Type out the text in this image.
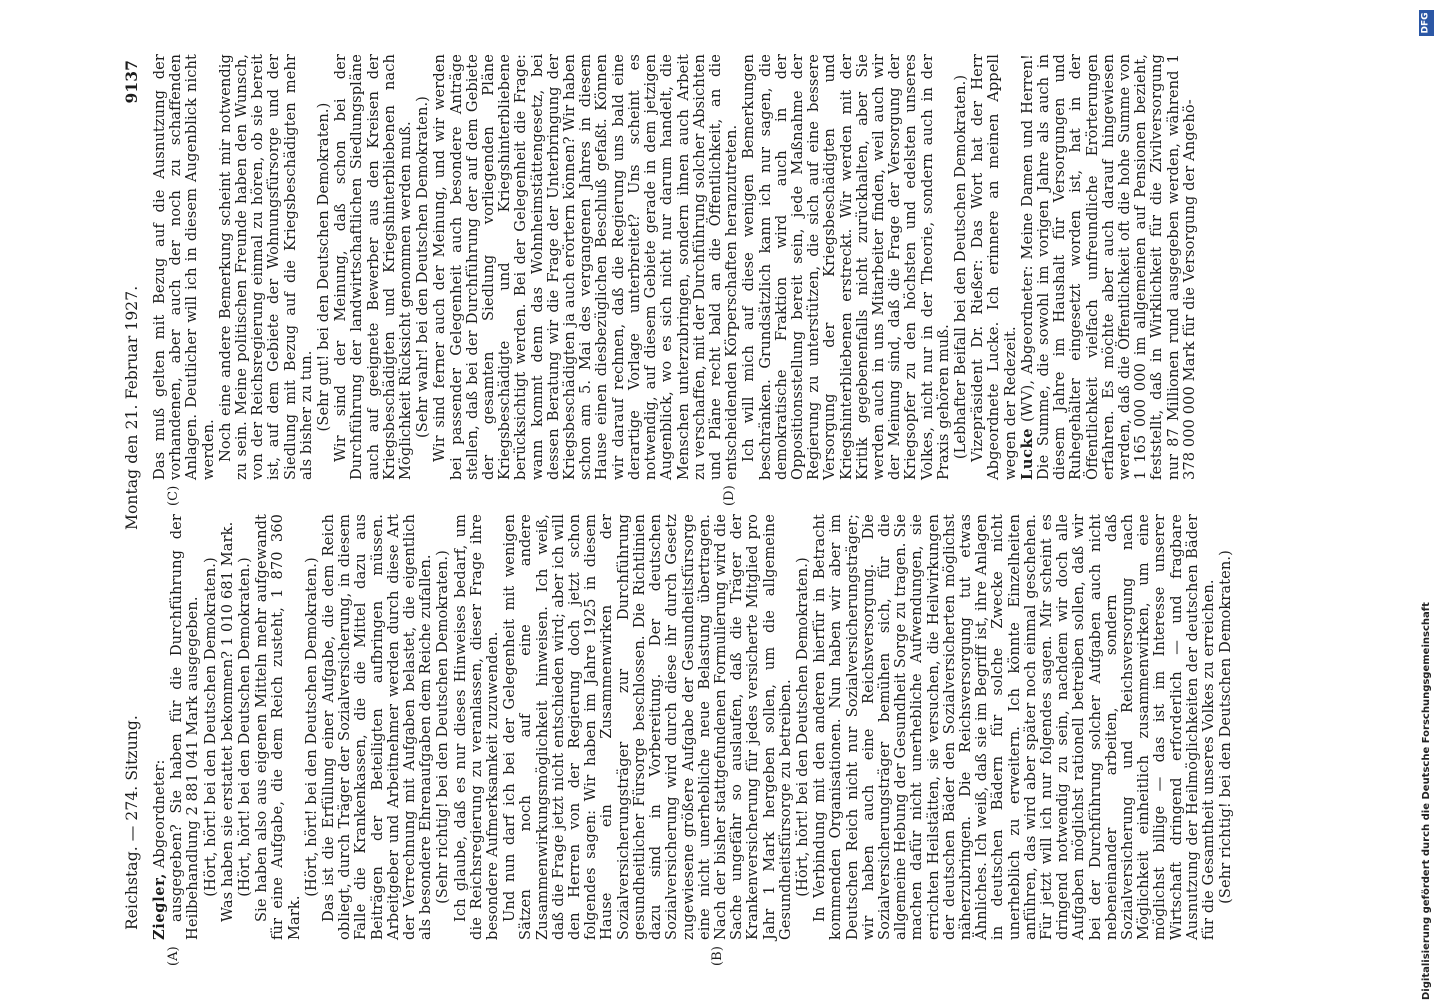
Reichstag. — 274. Sitzung.
Montag den 21. Februar 1927.
9137
(A)	(B)
(C)	(D)

Ziegler, Abgeordneter: ausgegeben? Sie haben für die Durchführung der Heilbehandlung 2 881 041 Mark ausgegeben. (Hört, hört! bei den Deutschen Demokraten.) Was haben sie erstattet bekommen? 1 010 681 Mark. (Hört, hört! bei den Deutschen Demokraten.) Sie haben also aus eigenen Mitteln mehr aufgewandt für eine Aufgabe, die dem Reich zusteht, 1 870 360 Mark.

(Hört, hört! bei den Deutschen Demokraten.) Das ist die Erfüllung einer Aufgabe, die dem Reich obliegt, durch Träger der Sozialversicherung, in diesem Falle die Krankenkassen, die die Mittel dazu aus Beiträgen der Beteiligten aufbringen müssen. Arbeitgeber und Arbeitnehmer werden durch diese Art der Verrechnung mit Aufgaben belastet, die eigentlich als besondere Ehrenaufgaben dem Reiche zufallen. (Sehr richtig! bei den Deutschen Demokraten.) Ich glaube, daß es nur dieses Hinweises bedarf, um die Reichsregierung zu veranlassen, dieser Frage ihre besondere Aufmerksamkeit zuzuwenden. Und nun darf ich bei der Gelegenheit mit wenigen Sätzen noch auf eine andere Zusammenwirkungsmöglichkeit hinweisen. Ich weiß, daß die Frage jetzt nicht entschieden wird; aber ich will den Herren von der Regierung doch jetzt schon folgendes sagen: Wir haben im Jahre 1925 in diesem Hause ein Zusammenwirken der Sozialversicherungsträger zur Durchführung gesundheitlicher Fürsorge beschlossen. Die Richtlinien dazu sind in Vorbereitung. Der deutschen Sozialversicherung wird durch diese ihr durch Gesetz zugewiesene größere Aufgabe der Gesundheitsfürsorge eine nicht unerhebliche neue Belastung übertragen. Nach der bisher stattgefundenen Formulierung wird die Sache ungefähr so auslaufen, daß die Träger der Krankenversicherung für jedes versicherte Mitglied pro Jahr 1 Mark hergeben sollen, um die allgemeine Gesundheitsfürsorge zu betreiben. (Hört, hört! bei den Deutschen Demokraten.) In Verbindung mit den anderen hierfür in Betracht kommenden Organisationen. Nun haben wir aber im Deutschen Reich nicht nur Sozialversicherungsträger; wir haben auch eine Reichsversorgung. Die Sozialversicherungsträger bemühen sich, für die allgemeine Hebung der Gesundheit Sorge zu tragen. Sie machen dafür nicht unerhebliche Aufwendungen, sie errichten Heilstätten, sie versuchen, die Heilwirkungen der deutschen Bäder den Sozialversicherten möglichst näherzubringen. Die Reichsversorgung tut etwas Ähnliches. Ich weiß, daß sie im Begriff ist, ihre Anlagen in deutschen Bädern für solche Zwecke nicht unerheblich zu erweitern. Ich könnte Einzelheiten anführen, das wird aber später noch einmal geschehen. Für jetzt will ich nur folgendes sagen. Mir scheint es dringend notwendig zu sein, nachdem wir doch alle Aufgaben möglichst rationell betreiben sollen, daß wir bei der Durchführung solcher Aufgaben auch nicht nebeneinander arbeiten, sondern daß Sozialversicherung und Reichsversorgung nach Möglichkeit einheitlich zusammenwirken, um eine möglichst billige — das ist im Interesse unserer Wirtschaft dringend erforderlich — und fragbare Ausnutzung der Heilmöglichkeiten der deutschen Bäder für die Gesamtheit unseres Volkes zu erreichen. (Sehr richtig! bei den Deutschen Demokraten.)

Das muß gelten mit Bezug auf die Ausnutzung der vorhandenen, aber auch der noch zu schaffenden Anlagen. Deutlicher will ich in diesem Augenblick nicht werden. Noch eine andere Bemerkung scheint mir notwendig zu sein. Meine politischen Freunde haben den Wunsch, von der Reichsregierung einmal zu hören, ob sie bereit ist, auf dem Gebiete der Wohnungsfürsorge und der Siedlung mit Bezug auf die Kriegsbeschädigten mehr als bisher zu tun. (Sehr gut! bei den Deutschen Demokraten.) Wir sind der Meinung, daß schon bei der Durchführung der landwirtschaftlichen Siedlungspläne auch auf geeignete Bewerber aus den Kreisen der Kriegsbeschädigten und Kriegshinterbliebenen nach Möglichkeit Rücksicht genommen werden muß. (Sehr wahr! bei den Deutschen Demokraten.) Wir sind ferner auch der Meinung, und wir werden bei passender Gelegenheit auch besondere Anträge stellen, daß bei der Durchführung der auf dem Gebiete der gesamten Siedlung vorliegenden Pläne Kriegsbeschädigte und Kriegshinterbliebene berücksichtigt werden. Bei der Gelegenheit die Frage: wann kommt denn das Wohnheimstättengesetz, bei dessen Beratung wir die Frage der Unterbringung der Kriegsbeschädigten ja auch erörtern können? Wir haben schon am 5. Mai des vergangenen Jahres in diesem Hause einen diesbezüglichen Beschluß gefaßt. Können wir darauf rechnen, daß die Regierung uns bald eine derartige Vorlage unterbreitet? Uns scheint es notwendig, auf diesem Gebiete gerade in dem jetzigen Augenblick, wo es sich nicht nur darum handelt, die Menschen unterzubringen, sondern ihnen auch Arbeit zu verschaffen, mit der Durchführung solcher Absichten und Pläne recht bald an die Öffentlichkeit, an die entscheidenden Körperschaften heranzutreten. Ich will mich auf diese wenigen Bemerkungen beschränken. Grundsätzlich kann ich nur sagen, die demokratische Fraktion wird auch in der Oppositionsstellung bereit sein, jede Maßnahme der Regierung zu unterstützen, die sich auf eine bessere Versorgung der Kriegsbeschädigten und Kriegshinterbliebenen erstreckt. Wir werden mit der Kritik gegebenenfalls nicht zurückhalten, aber Sie werden auch in uns Mitarbeiter finden, weil auch wir der Meinung sind, daß die Frage der Versorgung der Kriegsopfer zu den höchsten und edelsten unseres Volkes, nicht nur in der Theorie, sondern auch in der Praxis gehören muß. (Lebhafter Beifall bei den Deutschen Demokraten.) Vizepräsident Dr. Rießer: Das Wort hat der Herr Abgeordnete Lucke. Ich erinnere an meinen Appell wegen der Redezeit. Lucke (WV), Abgeordneter: Meine Damen und Herren! Die Summe, die sowohl im vorigen Jahre als auch in diesem Jahre im Haushalt für Versorgungen und Ruhegehälter eingesetzt worden ist, hat in der Öffentlichkeit vielfach unfreundliche Erörterungen erfahren. Es möchte aber auch darauf hingewiesen werden, daß die Öffentlichkeit oft die hohe Summe von 1 165 000 000 im allgemeinen auf Pensionen bezieht, feststellt, daß in Wirklichkeit für die Zivilversorgung nur 87 Millionen rund ausgegeben werden, während 1 378 000 000 Mark für die Versorgung der Angehö-

Digitalisierung gefördert durch die Deutsche Forschungsgemeinschaft
DFG
